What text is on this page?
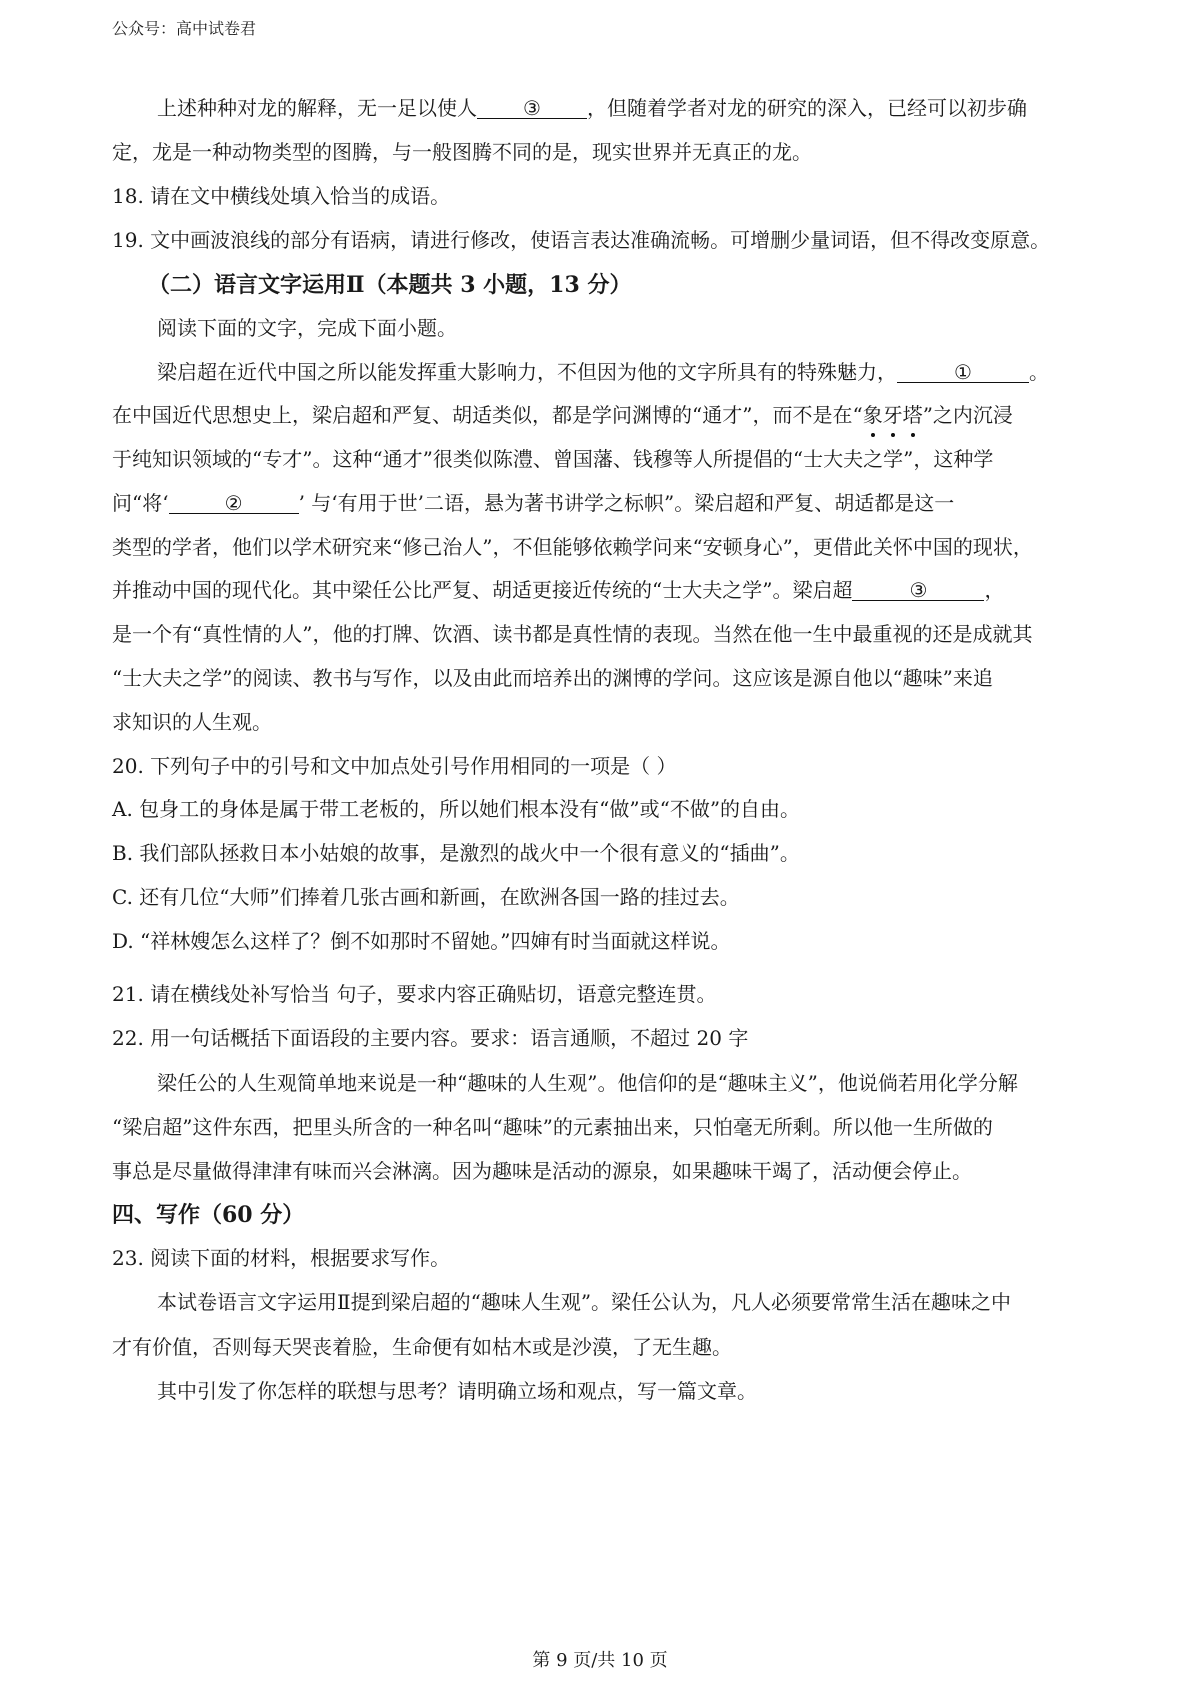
公众号：高中试卷君
上述种种对龙的解释，无一足以使人 ③ ，但随着学者对龙的研究的深入，已经可以初步确
定，龙是一种动物类型的图腾，与一般图腾不同的是，现实世界并无真正的龙。
18. 请在文中横线处填入恰当的成语。
19. 文中画波浪线的部分有语病，请进行修改，使语言表达准确流畅。可增删少量词语，但不得改变原意。
（二）语言文字运用Ⅱ（本题共 3 小题，13 分）
阅读下面的文字，完成下面小题。
梁启超在近代中国之所以能发挥重大影响力，不但因为他的文字所具有的特殊魅力，	①	。
在中国近代思想史上，梁启超和严复、胡适类似，都是学问渊博的“通才”，而不是在“象牙塔
”之内沉浸
于纯知识领域的“专才”。这种“通才”很类似陈澧、曾国藩、钱穆等人所提倡的“士大夫之学”，这种学
问“将‘	②	’ 与‘有用于世’二语，悬为著书讲学之标帜”。梁启超和严复、胡适都是这一
类型的学者，他们以学术研究来“修己治人”，不但能够依赖学问来“安顿身心”，更借此关怀中国的现状，
并推动中国的现代化。其中梁任公比严复、胡适更接近传统的“士大夫之学”。梁启超	③	，
是一个有“真性情的人”，他的打牌、饮酒、读书都是真性情的表现。当然在他一生中最重视的还是成就其
“士大夫之学”的阅读、教书与写作，以及由此而培养出的渊博的学问。这应该是源自他以“趣味”来追
求知识的人生观。
20. 下列句子中的引号和文中加点处引号作用相同的一项是（ ）
A. 包身工的身体是属于带工老板的，所以她们根本没有“做”或“不做”的自由。
B. 我们部队拯救日本小姑娘的故事，是激烈的战火中一个很有意义的“插曲”。
C. 还有几位“大师”们捧着几张古画和新画，在欧洲各国一路的挂过去。
D. “祥林嫂怎么这样了？倒不如那时不留她。”四婶有时当面就这样说。
21. 请在横线处补写恰当 句子，要求内容正确贴切，语意完整连贯。
22. 用一句话概括下面语段的主要内容。要求：语言通顺，不超过 20 字
梁任公的人生观简单地来说是一种“趣味的人生观”。他信仰的是“趣味主义”，他说倘若用化学分解
“梁启超”这件东西，把里头所含的一种名叫“趣味”的元素抽出来，只怕毫无所剩。所以他一生所做的
事总是尽量做得津津有味而兴会淋漓。因为趣味是活动的源泉，如果趣味干竭了，活动便会停止。
四、写作（60 分）
23. 阅读下面的材料，根据要求写作。
本试卷语言文字运用Ⅱ提到梁启超的“趣味人生观”。梁任公认为，凡人必须要常常生活在趣味之中
才有价值，否则每天哭丧着脸，生命便有如枯木或是沙漠，了无生趣。
其中引发了你怎样的联想与思考？请明确立场和观点，写一篇文章。
第 9 页/共 10 页
